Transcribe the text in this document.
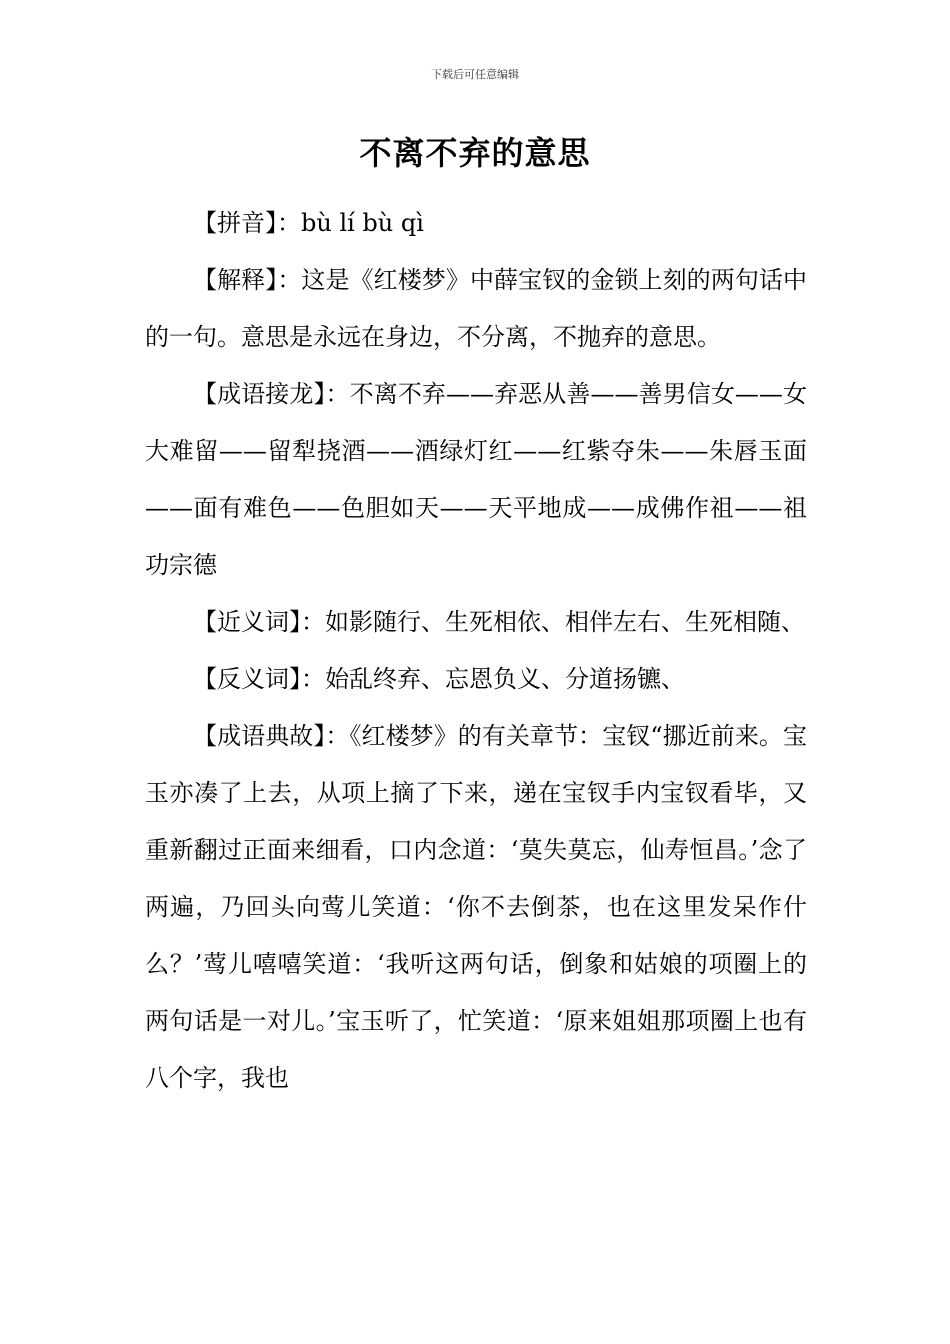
下载后可任意编辑
不离不弃的意思

【拼音】：bù lí bù qì

【解释】：这是《红楼梦》中薛宝钗的金锁上刻的两句话中的一句。意思是永远在身边，不分离，不抛弃的意思。

【成语接龙】：不离不弃——弃恶从善——善男信女——女大难留——留犁挠酒——酒绿灯红——红紫夺朱——朱唇玉面——面有难色——色胆如天——天平地成——成佛作祖——祖功宗德

【近义词】：如影随行、生死相依、相伴左右、生死相随、

【反义词】：始乱终弃、忘恩负义、分道扬镳、

【成语典故】：《红楼梦》的有关章节：宝钗“挪近前来。宝玉亦凑了上去，从项上摘了下来，递在宝钗手内宝钗看毕，又重新翻过正面来细看，口内念道：‘莫失莫忘，仙寿恒昌。’念了两遍，乃回头向莺儿笑道：‘你不去倒茶，也在这里发呆作什么？’莺儿嘻嘻笑道：‘我听这两句话，倒象和姑娘的项圈上的两句话是一对儿。’宝玉听了，忙笑道：‘原来姐姐那项圈上也有八个字，我也
